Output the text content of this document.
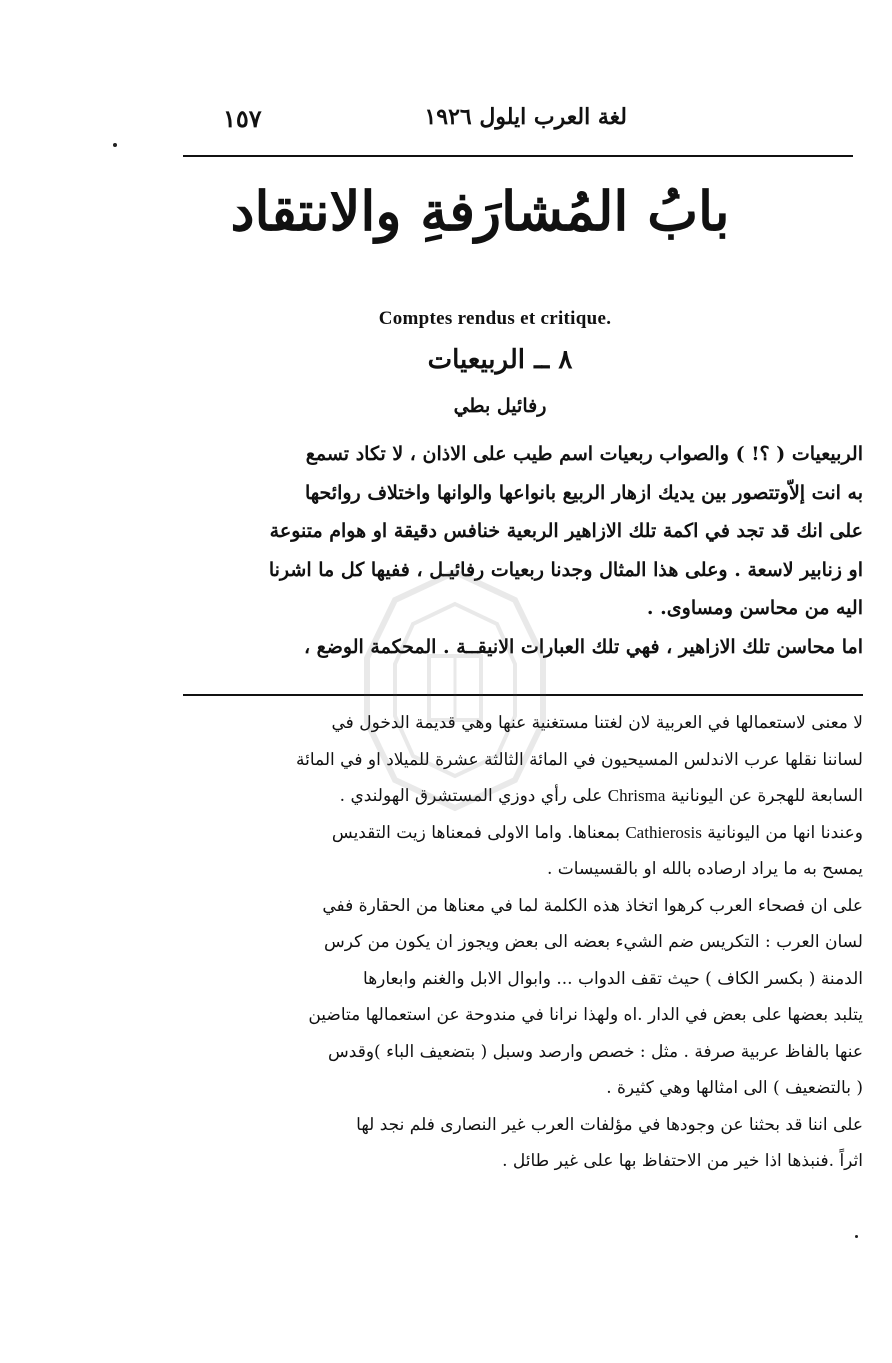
لغة العرب ايلول ١٩٢٦
١٥٧
بابُ المُشارَفةِ والانتقاد
Comptes rendus et critique.
٨ ــ الربيعيات
رفائيل بطي
الربيعيات ( ؟! ) والصواب ربعيات اسم طيب على الاذان ، لا تكاد تسمع
به انت إلاّوتتصور بين يديك ازهار الربيع بانواعها والوانها واختلاف روائحها
على انك قد تجد في اكمة تلك الازاهير الربعية خنافس دقيقة او هوام متنوعة
او زنابير لاسعة . وعلى هذا المثال وجدنا ربعيات رفائيـل ، ففيها كل ما اشرنا
اليه من محاسن ومساوى. .
اما محاسن تلك الازاهير ، فهي تلك العبارات الانيقــة . المحكمة الوضع ،
لا معنى لاستعمالها في العربية لان لغتنا مستغنية عنها وهي قديمة الدخول في
لساننا نقلها عرب الاندلس المسيحيون في المائة الثالثة عشرة للميلاد او في المائة
السابعة للهجرة عن اليونانية Chrisma على رأي دوزي المستشرق الهولندي .
وعندنا انها من اليونانية Cathierosis بمعناها. واما الاولى فمعناها زيت التقديس
يمسح به ما يراد ارصاده بالله او بالقسيسات .
على ان فصحاء العرب كرهوا اتخاذ هذه الكلمة لما في معناها من الحقارة ففي
لسان العرب : التكريس ضم الشيء بعضه الى بعض ويجوز ان يكون من كرس
الدمنة ( بكسر الكاف ) حيث تقف الدواب ... وابوال الابل والغنم وابعارها
يتلبد بعضها على بعض في الدار .اه ولهذا نرانا في مندوحة عن استعمالها متاضين
عنها بالفاظ عربية صرفة . مثل : خصص وارصد وسبل ( بتضعيف الباء )وقدس
( بالتضعيف ) الى امثالها وهي كثيرة .
على اننا قد بحثنا عن وجودها في مؤلفات العرب غير النصارى فلم نجد لها
اثراً .فنبذها اذا خير من الاحتفاظ بها على غير طائل .
